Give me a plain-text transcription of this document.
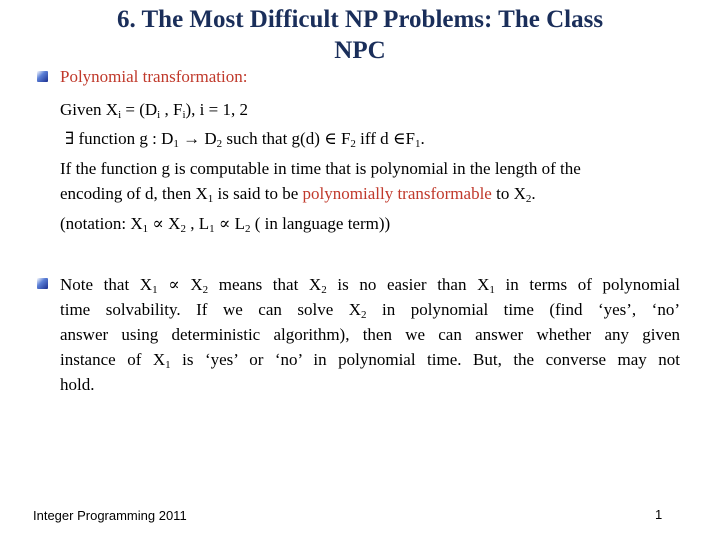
6. The Most Difficult NP Problems: The Class
NPC
Polynomial transformation:
Given $X_i = (D_i$ , $F_i$), i = 1, 2
∃ function g : $D_1 \to D_2$ such that g(d) ∈ $F_2$ iff d $\in F_1$.
If the function g is computable in time that is polynomial in the length of the
encoding of d, then $X_1$ is said to be polynomially transformable to $X_2$.
(notation: $X_1 \propto X_2$ , $L_1 \propto L_2$ ( in language term))
Note that $X_1 \propto X_2$ means that $X_2$ is no easier than $X_1$ in terms of polynomial
time solvability. If we can solve $X_2$ in polynomial time (find ‘yes’, ‘no’
answer using deterministic algorithm), then we can answer whether any given
instance of $X_1$ is ‘yes’ or ‘no’ in polynomial time. But, the converse may not
hold.
Integer Programming 2011	1
